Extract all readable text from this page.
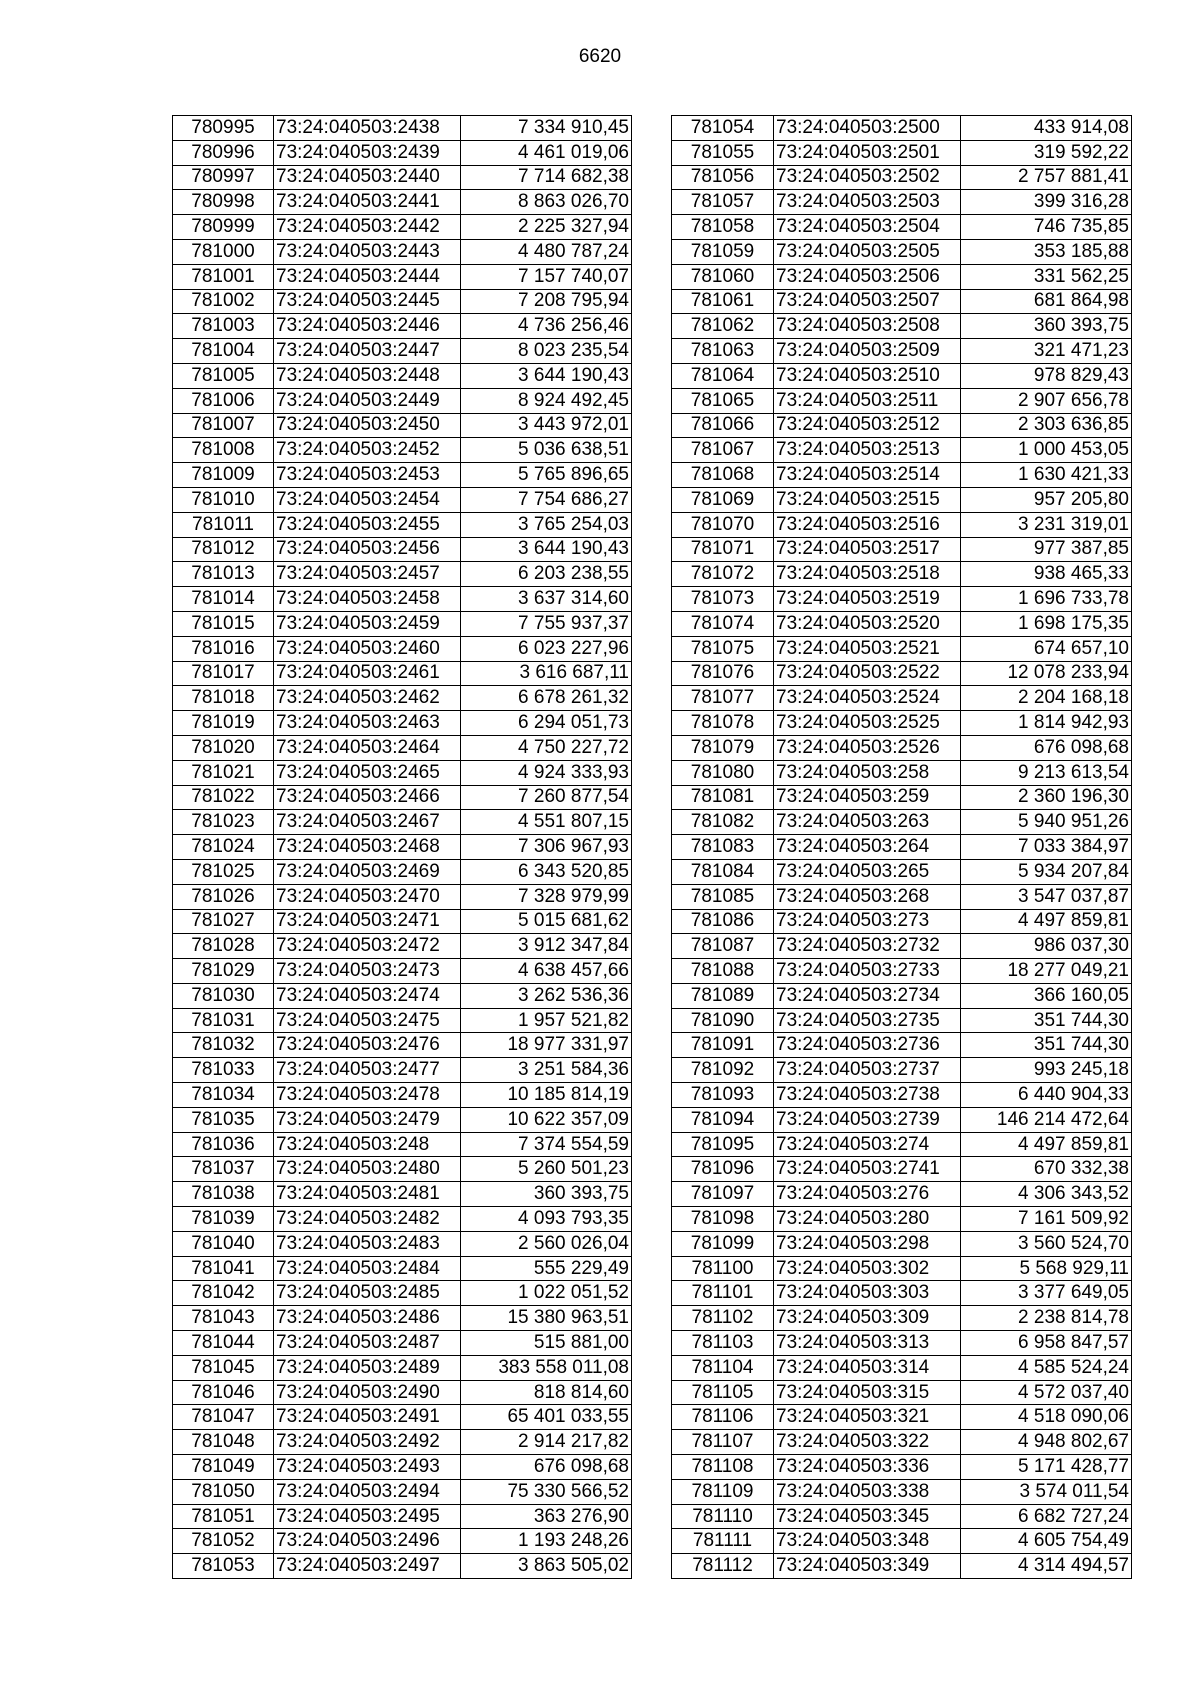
6620
780995	73:24:040503:2438	7 334 910,45
780996	73:24:040503:2439	4 461 019,06
780997	73:24:040503:2440	7 714 682,38
780998	73:24:040503:2441	8 863 026,70
780999	73:24:040503:2442	2 225 327,94
781000	73:24:040503:2443	4 480 787,24
781001	73:24:040503:2444	7 157 740,07
781002	73:24:040503:2445	7 208 795,94
781003	73:24:040503:2446	4 736 256,46
781004	73:24:040503:2447	8 023 235,54
781005	73:24:040503:2448	3 644 190,43
781006	73:24:040503:2449	8 924 492,45
781007	73:24:040503:2450	3 443 972,01
781008	73:24:040503:2452	5 036 638,51
781009	73:24:040503:2453	5 765 896,65
781010	73:24:040503:2454	7 754 686,27
781011	73:24:040503:2455	3 765 254,03
781012	73:24:040503:2456	3 644 190,43
781013	73:24:040503:2457	6 203 238,55
781014	73:24:040503:2458	3 637 314,60
781015	73:24:040503:2459	7 755 937,37
781016	73:24:040503:2460	6 023 227,96
781017	73:24:040503:2461	3 616 687,11
781018	73:24:040503:2462	6 678 261,32
781019	73:24:040503:2463	6 294 051,73
781020	73:24:040503:2464	4 750 227,72
781021	73:24:040503:2465	4 924 333,93
781022	73:24:040503:2466	7 260 877,54
781023	73:24:040503:2467	4 551 807,15
781024	73:24:040503:2468	7 306 967,93
781025	73:24:040503:2469	6 343 520,85
781026	73:24:040503:2470	7 328 979,99
781027	73:24:040503:2471	5 015 681,62
781028	73:24:040503:2472	3 912 347,84
781029	73:24:040503:2473	4 638 457,66
781030	73:24:040503:2474	3 262 536,36
781031	73:24:040503:2475	1 957 521,82
781032	73:24:040503:2476	18 977 331,97
781033	73:24:040503:2477	3 251 584,36
781034	73:24:040503:2478	10 185 814,19
781035	73:24:040503:2479	10 622 357,09
781036	73:24:040503:248	7 374 554,59
781037	73:24:040503:2480	5 260 501,23
781038	73:24:040503:2481	360 393,75
781039	73:24:040503:2482	4 093 793,35
781040	73:24:040503:2483	2 560 026,04
781041	73:24:040503:2484	555 229,49
781042	73:24:040503:2485	1 022 051,52
781043	73:24:040503:2486	15 380 963,51
781044	73:24:040503:2487	515 881,00
781045	73:24:040503:2489	383 558 011,08
781046	73:24:040503:2490	818 814,60
781047	73:24:040503:2491	65 401 033,55
781048	73:24:040503:2492	2 914 217,82
781049	73:24:040503:2493	676 098,68
781050	73:24:040503:2494	75 330 566,52
781051	73:24:040503:2495	363 276,90
781052	73:24:040503:2496	1 193 248,26
781053	73:24:040503:2497	3 863 505,02
781054	73:24:040503:2500	433 914,08
781055	73:24:040503:2501	319 592,22
781056	73:24:040503:2502	2 757 881,41
781057	73:24:040503:2503	399 316,28
781058	73:24:040503:2504	746 735,85
781059	73:24:040503:2505	353 185,88
781060	73:24:040503:2506	331 562,25
781061	73:24:040503:2507	681 864,98
781062	73:24:040503:2508	360 393,75
781063	73:24:040503:2509	321 471,23
781064	73:24:040503:2510	978 829,43
781065	73:24:040503:2511	2 907 656,78
781066	73:24:040503:2512	2 303 636,85
781067	73:24:040503:2513	1 000 453,05
781068	73:24:040503:2514	1 630 421,33
781069	73:24:040503:2515	957 205,80
781070	73:24:040503:2516	3 231 319,01
781071	73:24:040503:2517	977 387,85
781072	73:24:040503:2518	938 465,33
781073	73:24:040503:2519	1 696 733,78
781074	73:24:040503:2520	1 698 175,35
781075	73:24:040503:2521	674 657,10
781076	73:24:040503:2522	12 078 233,94
781077	73:24:040503:2524	2 204 168,18
781078	73:24:040503:2525	1 814 942,93
781079	73:24:040503:2526	676 098,68
781080	73:24:040503:258	9 213 613,54
781081	73:24:040503:259	2 360 196,30
781082	73:24:040503:263	5 940 951,26
781083	73:24:040503:264	7 033 384,97
781084	73:24:040503:265	5 934 207,84
781085	73:24:040503:268	3 547 037,87
781086	73:24:040503:273	4 497 859,81
781087	73:24:040503:2732	986 037,30
781088	73:24:040503:2733	18 277 049,21
781089	73:24:040503:2734	366 160,05
781090	73:24:040503:2735	351 744,30
781091	73:24:040503:2736	351 744,30
781092	73:24:040503:2737	993 245,18
781093	73:24:040503:2738	6 440 904,33
781094	73:24:040503:2739	146 214 472,64
781095	73:24:040503:274	4 497 859,81
781096	73:24:040503:2741	670 332,38
781097	73:24:040503:276	4 306 343,52
781098	73:24:040503:280	7 161 509,92
781099	73:24:040503:298	3 560 524,70
781100	73:24:040503:302	5 568 929,11
781101	73:24:040503:303	3 377 649,05
781102	73:24:040503:309	2 238 814,78
781103	73:24:040503:313	6 958 847,57
781104	73:24:040503:314	4 585 524,24
781105	73:24:040503:315	4 572 037,40
781106	73:24:040503:321	4 518 090,06
781107	73:24:040503:322	4 948 802,67
781108	73:24:040503:336	5 171 428,77
781109	73:24:040503:338	3 574 011,54
781110	73:24:040503:345	6 682 727,24
781111	73:24:040503:348	4 605 754,49
781112	73:24:040503:349	4 314 494,57
